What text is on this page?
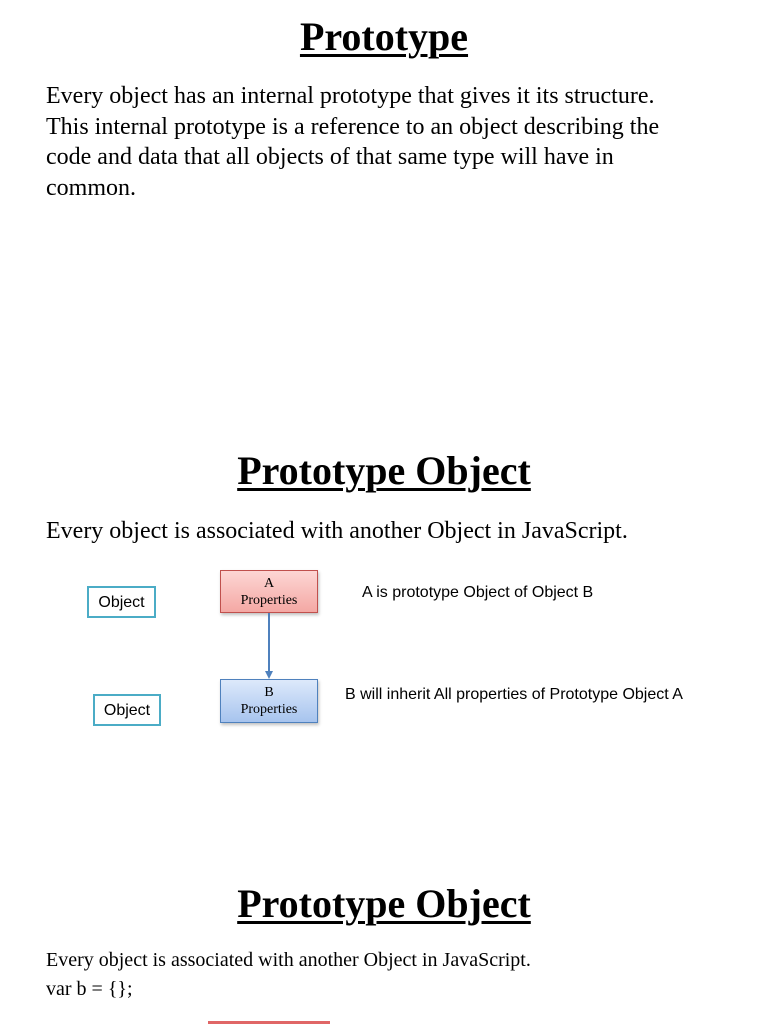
Prototype
Every object has an internal prototype that gives it its structure.
This internal prototype is a reference to an object describing the
code and data that all objects of that same type will have in
common.
Prototype Object
Every object is associated with another Object in JavaScript.
Object
Object
A
Properties
B
Properties
A is prototype Object of Object B
B will inherit All properties of Prototype Object A
Prototype Object
Every object is associated with another Object in JavaScript.
var b = {};
